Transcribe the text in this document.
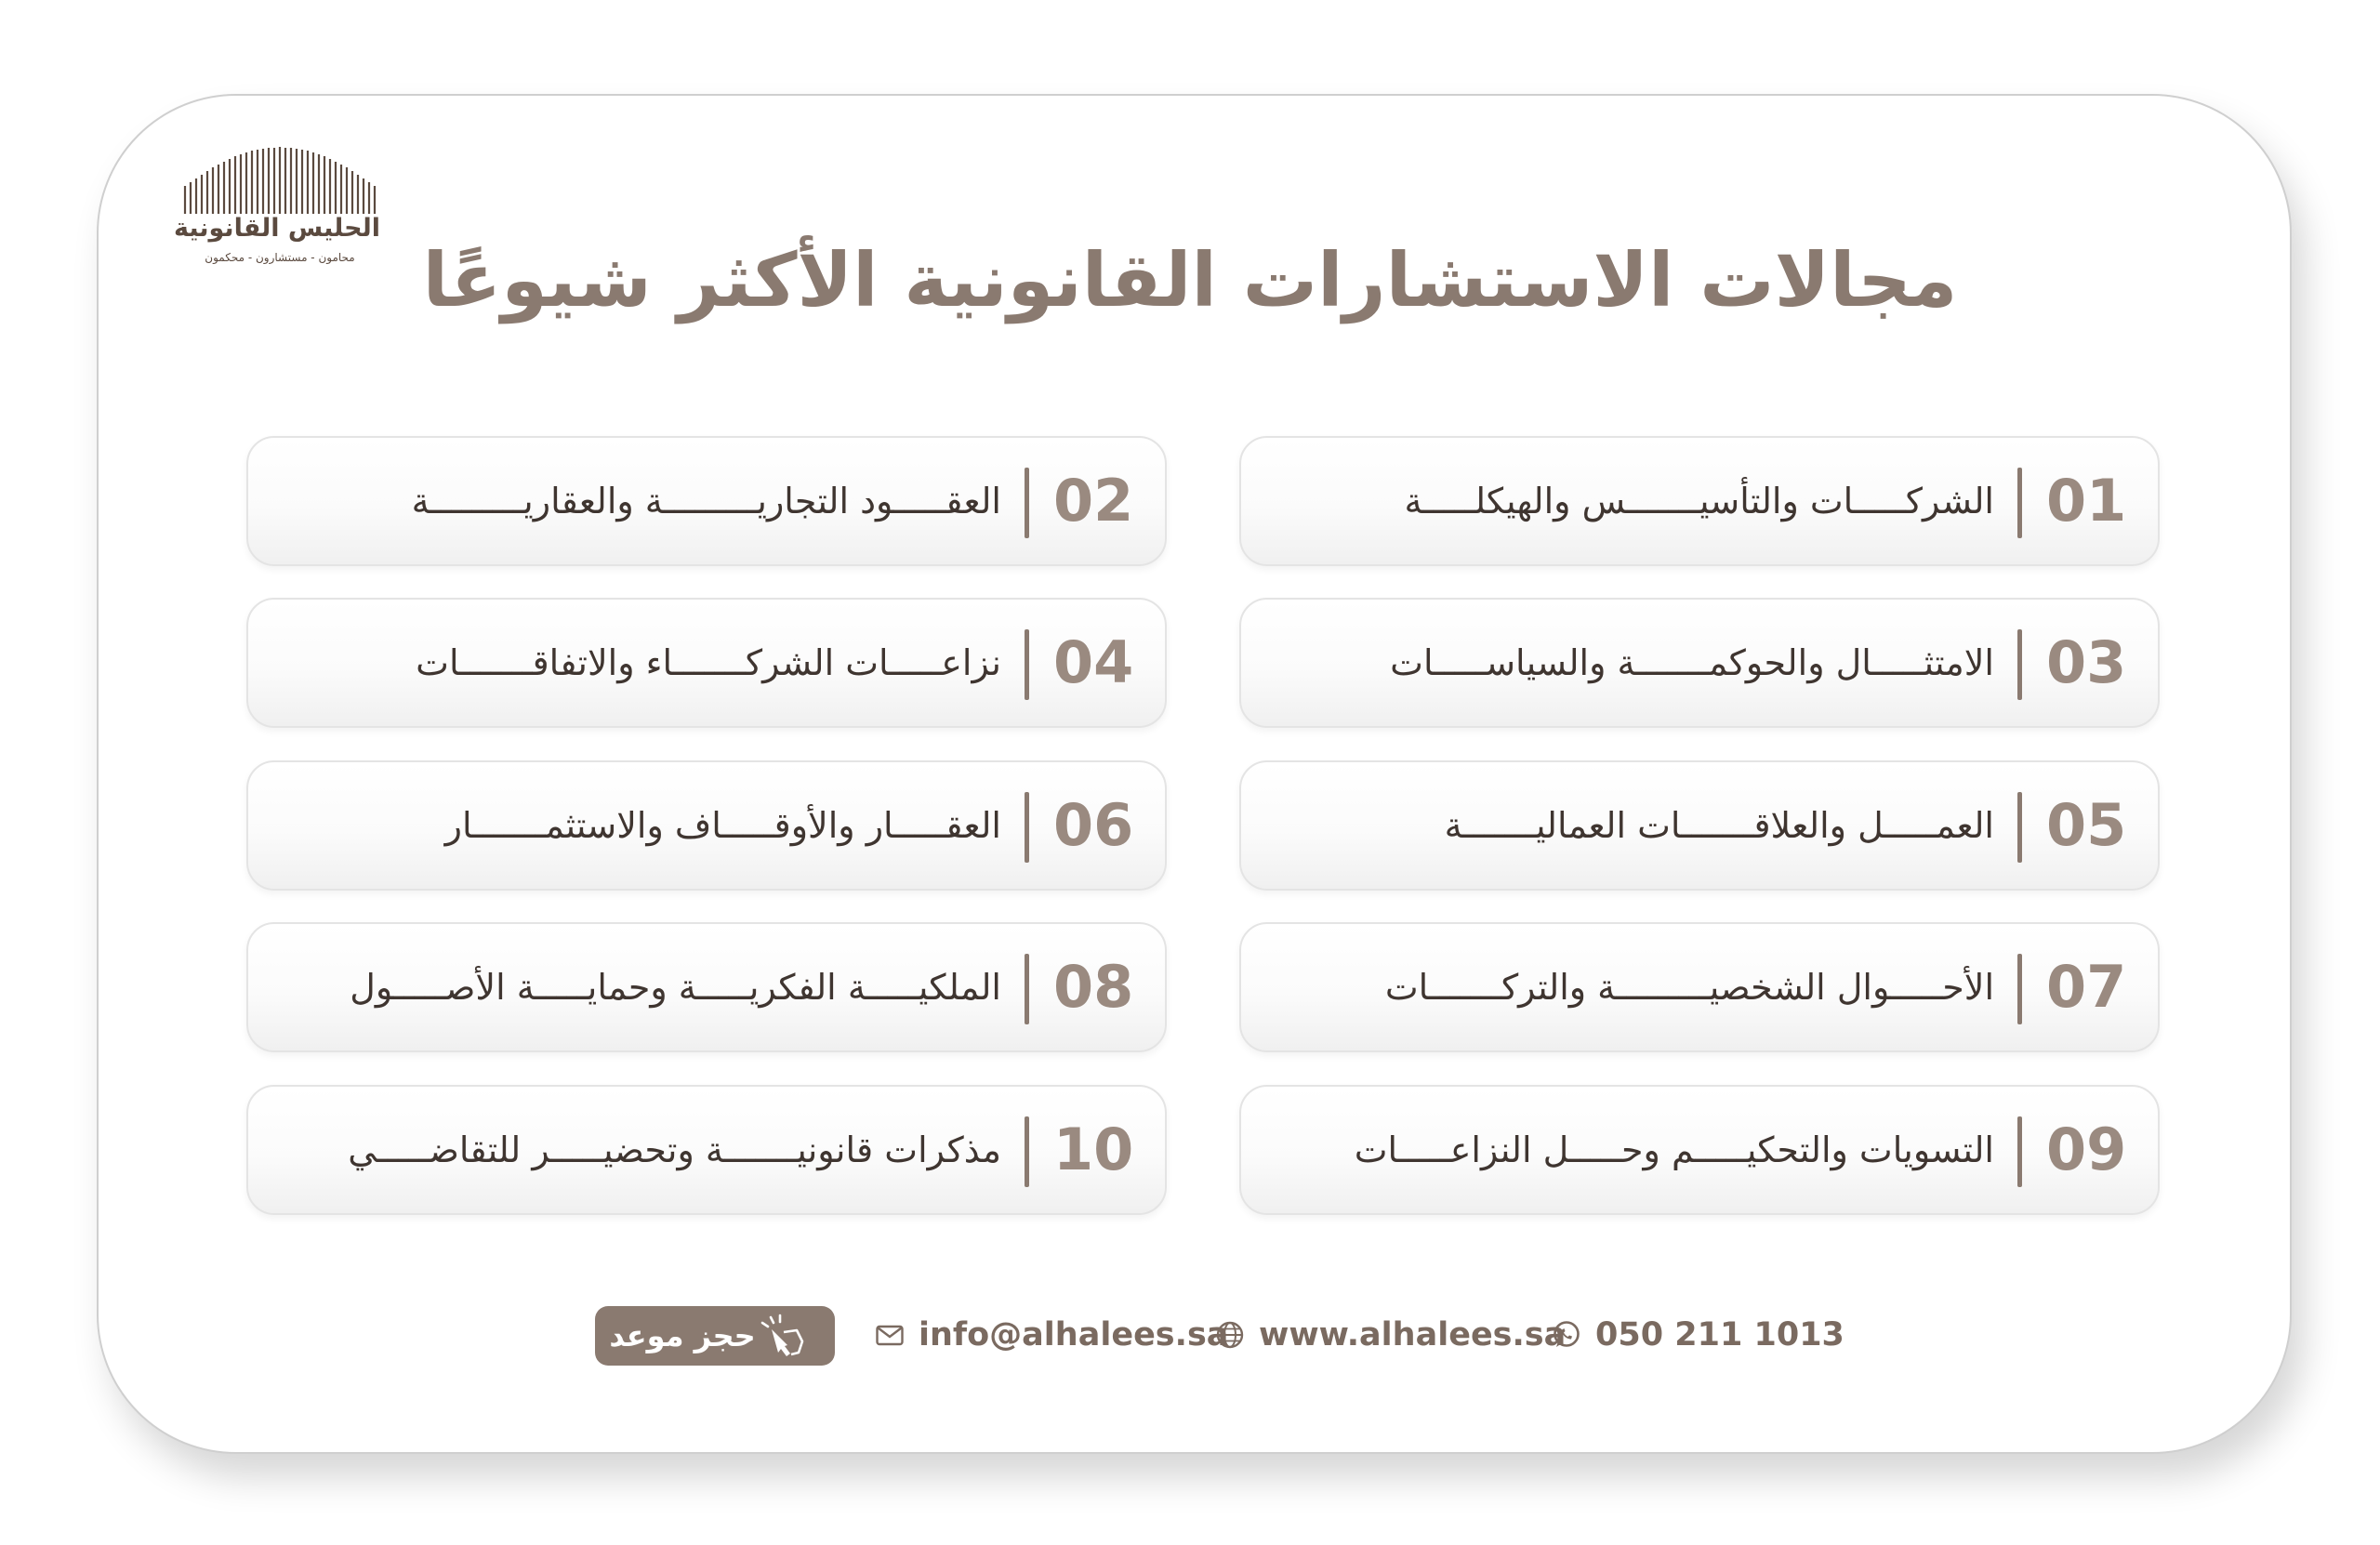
الحليس القانونية
محامون - مستشارون - محكمون مجالات الاستشارات القانونية الأكثر شيوعًا
01
الشركـــــات والتأسيـــــــس والهيكلـــــة
02
العقـــــود التجاريـــــــــة والعقاريـــــــــة
03
الامتثـــــال والحوكمـــــــة والسياســـــات
04
نزاعـــــات الشركـــــــاء والاتفاقـــــــات
05
العمـــــل والعلاقـــــــات العماليـــــــة
06
العقـــــار والأوقـــــاف والاستثمـــــــار
07
الأحـــــوال الشخصيـــــــــة والتركـــــــات
08
الملكيـــــة الفكريـــــة وحمايـــــة الأصـــــول
09
التسويات والتحكيـــــم وحـــــل النزاعـــــات
10
مذكرات قانونيـــــــة وتحضيـــــر للتقاضـــــي
050 211 1013
www.alhalees.sa
info@alhalees.sa
حجز موعد
